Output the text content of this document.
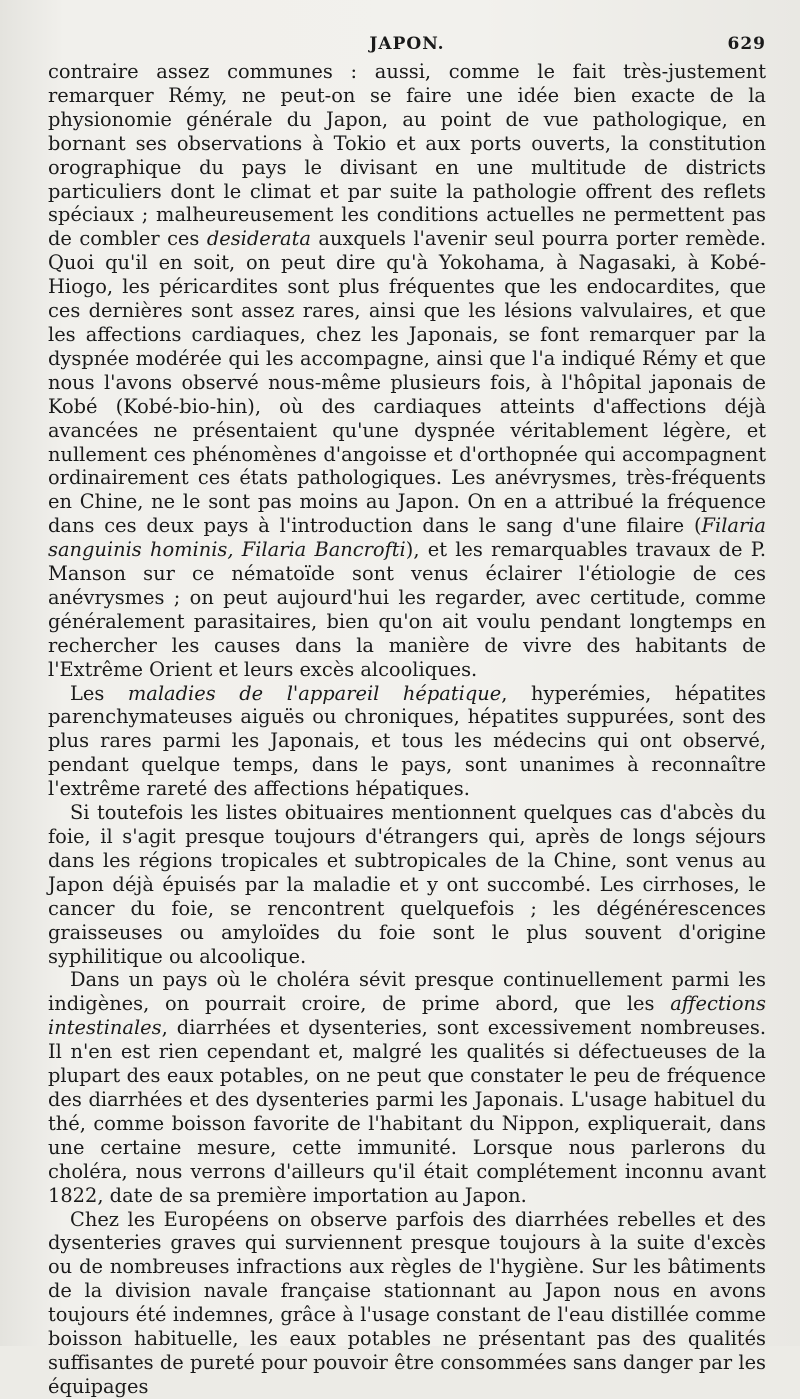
JAPON.	629

contraire assez communes : aussi, comme le fait très-justement remarquer Rémy, ne peut-on se faire une idée bien exacte de la physionomie générale du Japon, au point de vue pathologique, en bornant ses observations à Tokio et aux ports ouverts, la constitution orographique du pays le divisant en une multitude de districts particuliers dont le climat et par suite la pathologie offrent des reflets spéciaux ; malheureusement les conditions actuelles ne permettent pas de combler ces desiderata auxquels l'avenir seul pourra porter remède. Quoi qu'il en soit, on peut dire qu'à Yokohama, à Nagasaki, à Kobé-Hiogo, les péricardites sont plus fréquentes que les endocardites, que ces dernières sont assez rares, ainsi que les lésions valvulaires, et que les affections cardiaques, chez les Japonais, se font remarquer par la dyspnée modérée qui les accompagne, ainsi que l'a indiqué Rémy et que nous l'avons observé nous-même plusieurs fois, à l'hôpital japonais de Kobé (Kobé-bio-hin), où des cardiaques atteints d'affections déjà avancées ne présentaient qu'une dyspnée véritablement légère, et nullement ces phénomènes d'angoisse et d'orthopnée qui accompagnent ordinairement ces états pathologiques. Les anévrysmes, très-fréquents en Chine, ne le sont pas moins au Japon. On en a attribué la fréquence dans ces deux pays à l'introduction dans le sang d'une filaire (Filaria sanguinis hominis, Filaria Bancrofti), et les remarquables travaux de P. Manson sur ce nématoïde sont venus éclairer l'étiologie de ces anévrysmes ; on peut aujourd'hui les regarder, avec certitude, comme généralement parasitaires, bien qu'on ait voulu pendant longtemps en rechercher les causes dans la manière de vivre des habitants de l'Extrême Orient et leurs excès alcooliques.

Les maladies de l'appareil hépatique, hyperémies, hépatites parenchymateuses aiguës ou chroniques, hépatites suppurées, sont des plus rares parmi les Japonais, et tous les médecins qui ont observé, pendant quelque temps, dans le pays, sont unanimes à reconnaître l'extrême rareté des affections hépatiques.

Si toutefois les listes obituaires mentionnent quelques cas d'abcès du foie, il s'agit presque toujours d'étrangers qui, après de longs séjours dans les régions tropicales et subtropicales de la Chine, sont venus au Japon déjà épuisés par la maladie et y ont succombé. Les cirrhoses, le cancer du foie, se rencontrent quelquefois ; les dégénérescences graisseuses ou amyloïdes du foie sont le plus souvent d'origine syphilitique ou alcoolique.

Dans un pays où le choléra sévit presque continuellement parmi les indigènes, on pourrait croire, de prime abord, que les affections intestinales, diarrhées et dysenteries, sont excessivement nombreuses. Il n'en est rien cependant et, malgré les qualités si défectueuses de la plupart des eaux potables, on ne peut que constater le peu de fréquence des diarrhées et des dysenteries parmi les Japonais. L'usage habituel du thé, comme boisson favorite de l'habitant du Nippon, expliquerait, dans une certaine mesure, cette immunité. Lorsque nous parlerons du choléra, nous verrons d'ailleurs qu'il était complétement inconnu avant 1822, date de sa première importation au Japon.

Chez les Européens on observe parfois des diarrhées rebelles et des dysenteries graves qui surviennent presque toujours à la suite d'excès ou de nombreuses infractions aux règles de l'hygiène. Sur les bâtiments de la division navale française stationnant au Japon nous en avons toujours été indemnes, grâce à l'usage constant de l'eau distillée comme boisson habituelle, les eaux potables ne présentant pas des qualités suffisantes de pureté pour pouvoir être consommées sans danger par les équipages
